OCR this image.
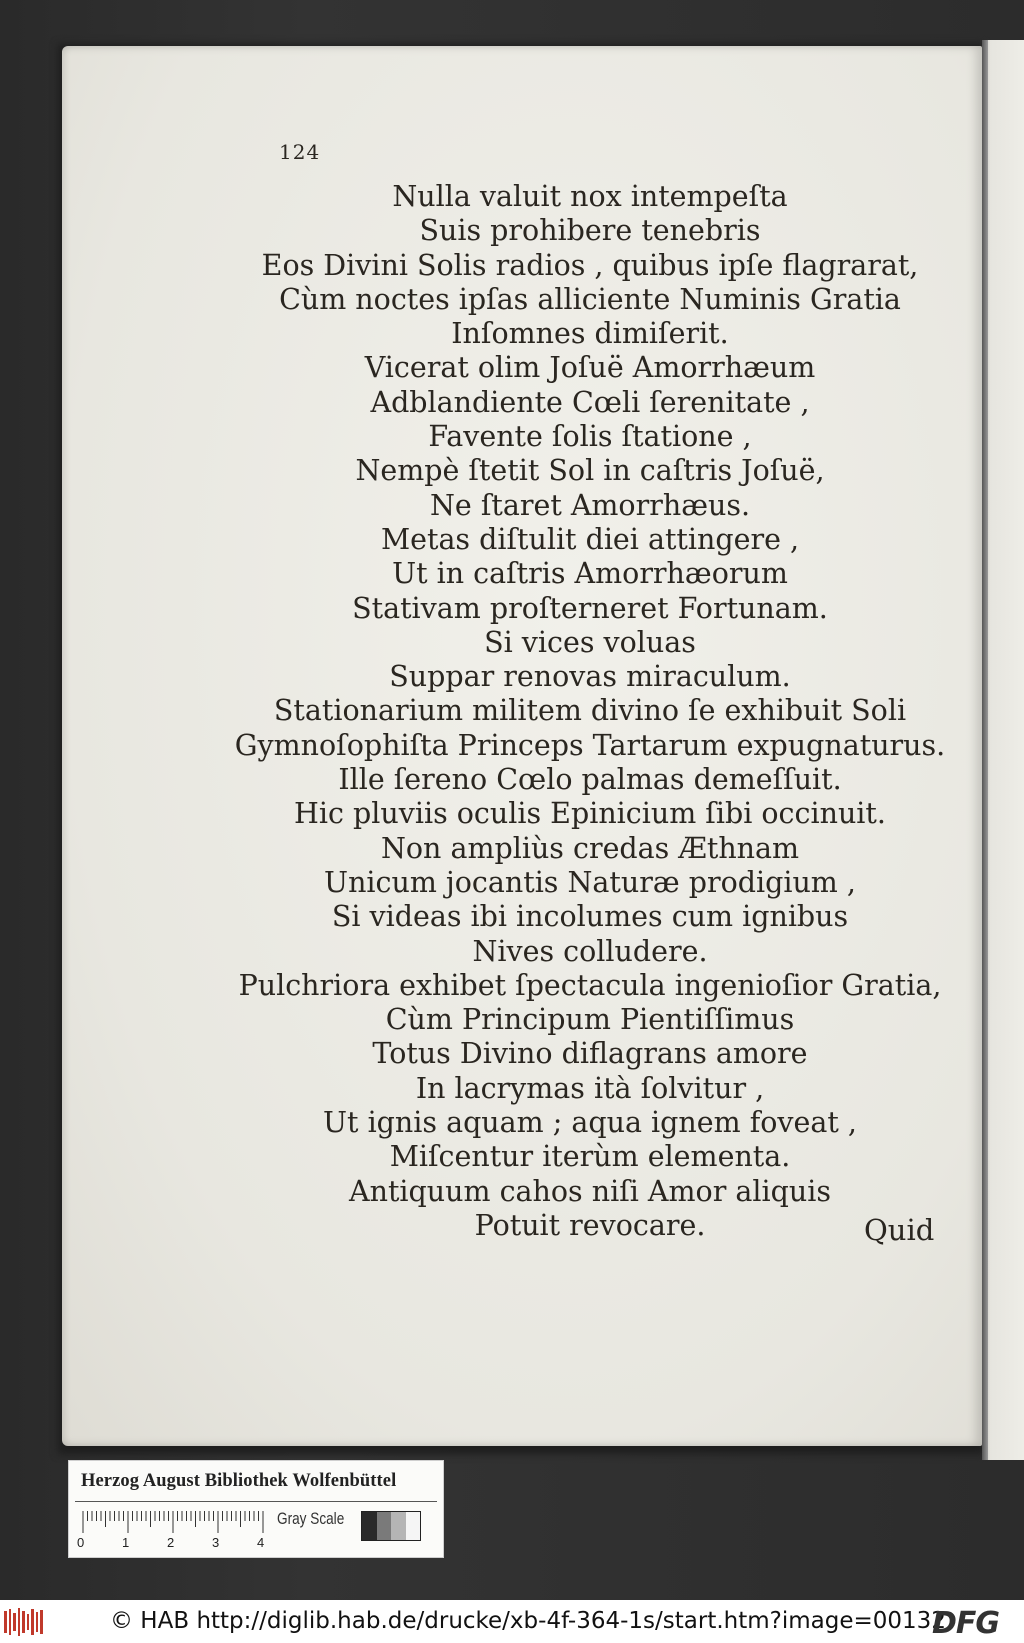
124
Nulla valuit nox intempeſta
Suis prohibere tenebris
Eos Divini Solis radios , quibus ipſe flagrarat,
Cùm noctes ipſas alliciente Numinis Gratia
Inſomnes dimiſerit.
Vicerat olim Joſuë Amorrhæum
Adblandiente Cœli ſerenitate ,
Favente ſolis ſtatione ,
Nempè ſtetit Sol in caſtris Joſuë,
Ne ſtaret Amorrhæus.
Metas diſtulit diei attingere ,
Ut in caſtris Amorrhæorum
Stativam proſterneret Fortunam.
Si vices voluas
Suppar renovas miraculum.
Stationarium militem divino ſe exhibuit Soli
Gymnoſophiſta Princeps Tartarum expugnaturus.
Ille ſereno Cœlo palmas demeſſuit.
Hic pluviis oculis Epinicium ſibi occinuit.
Non ampliùs credas Æthnam
Unicum jocantis Naturæ prodigium ,
Si videas ibi incolumes cum ignibus
Nives colludere.
Pulchriora exhibet ſpectacula ingenioſior Gratia,
Cùm Principum Pientiſſimus
Totus Divino diflagrans amore
In lacrymas ità ſolvitur ,
Ut ignis aquam ; aqua ignem foveat ,
Miſcentur iterùm elementa.
Antiquum cahos niſi Amor aliquis
Potuit revocare.	Quid
Herzog August Bibliothek Wolfenbüttel
0	1	2	3	4
Gray Scale
© HAB http://diglib.hab.de/drucke/xb-4f-364-1s/start.htm?image=00132
DFG
